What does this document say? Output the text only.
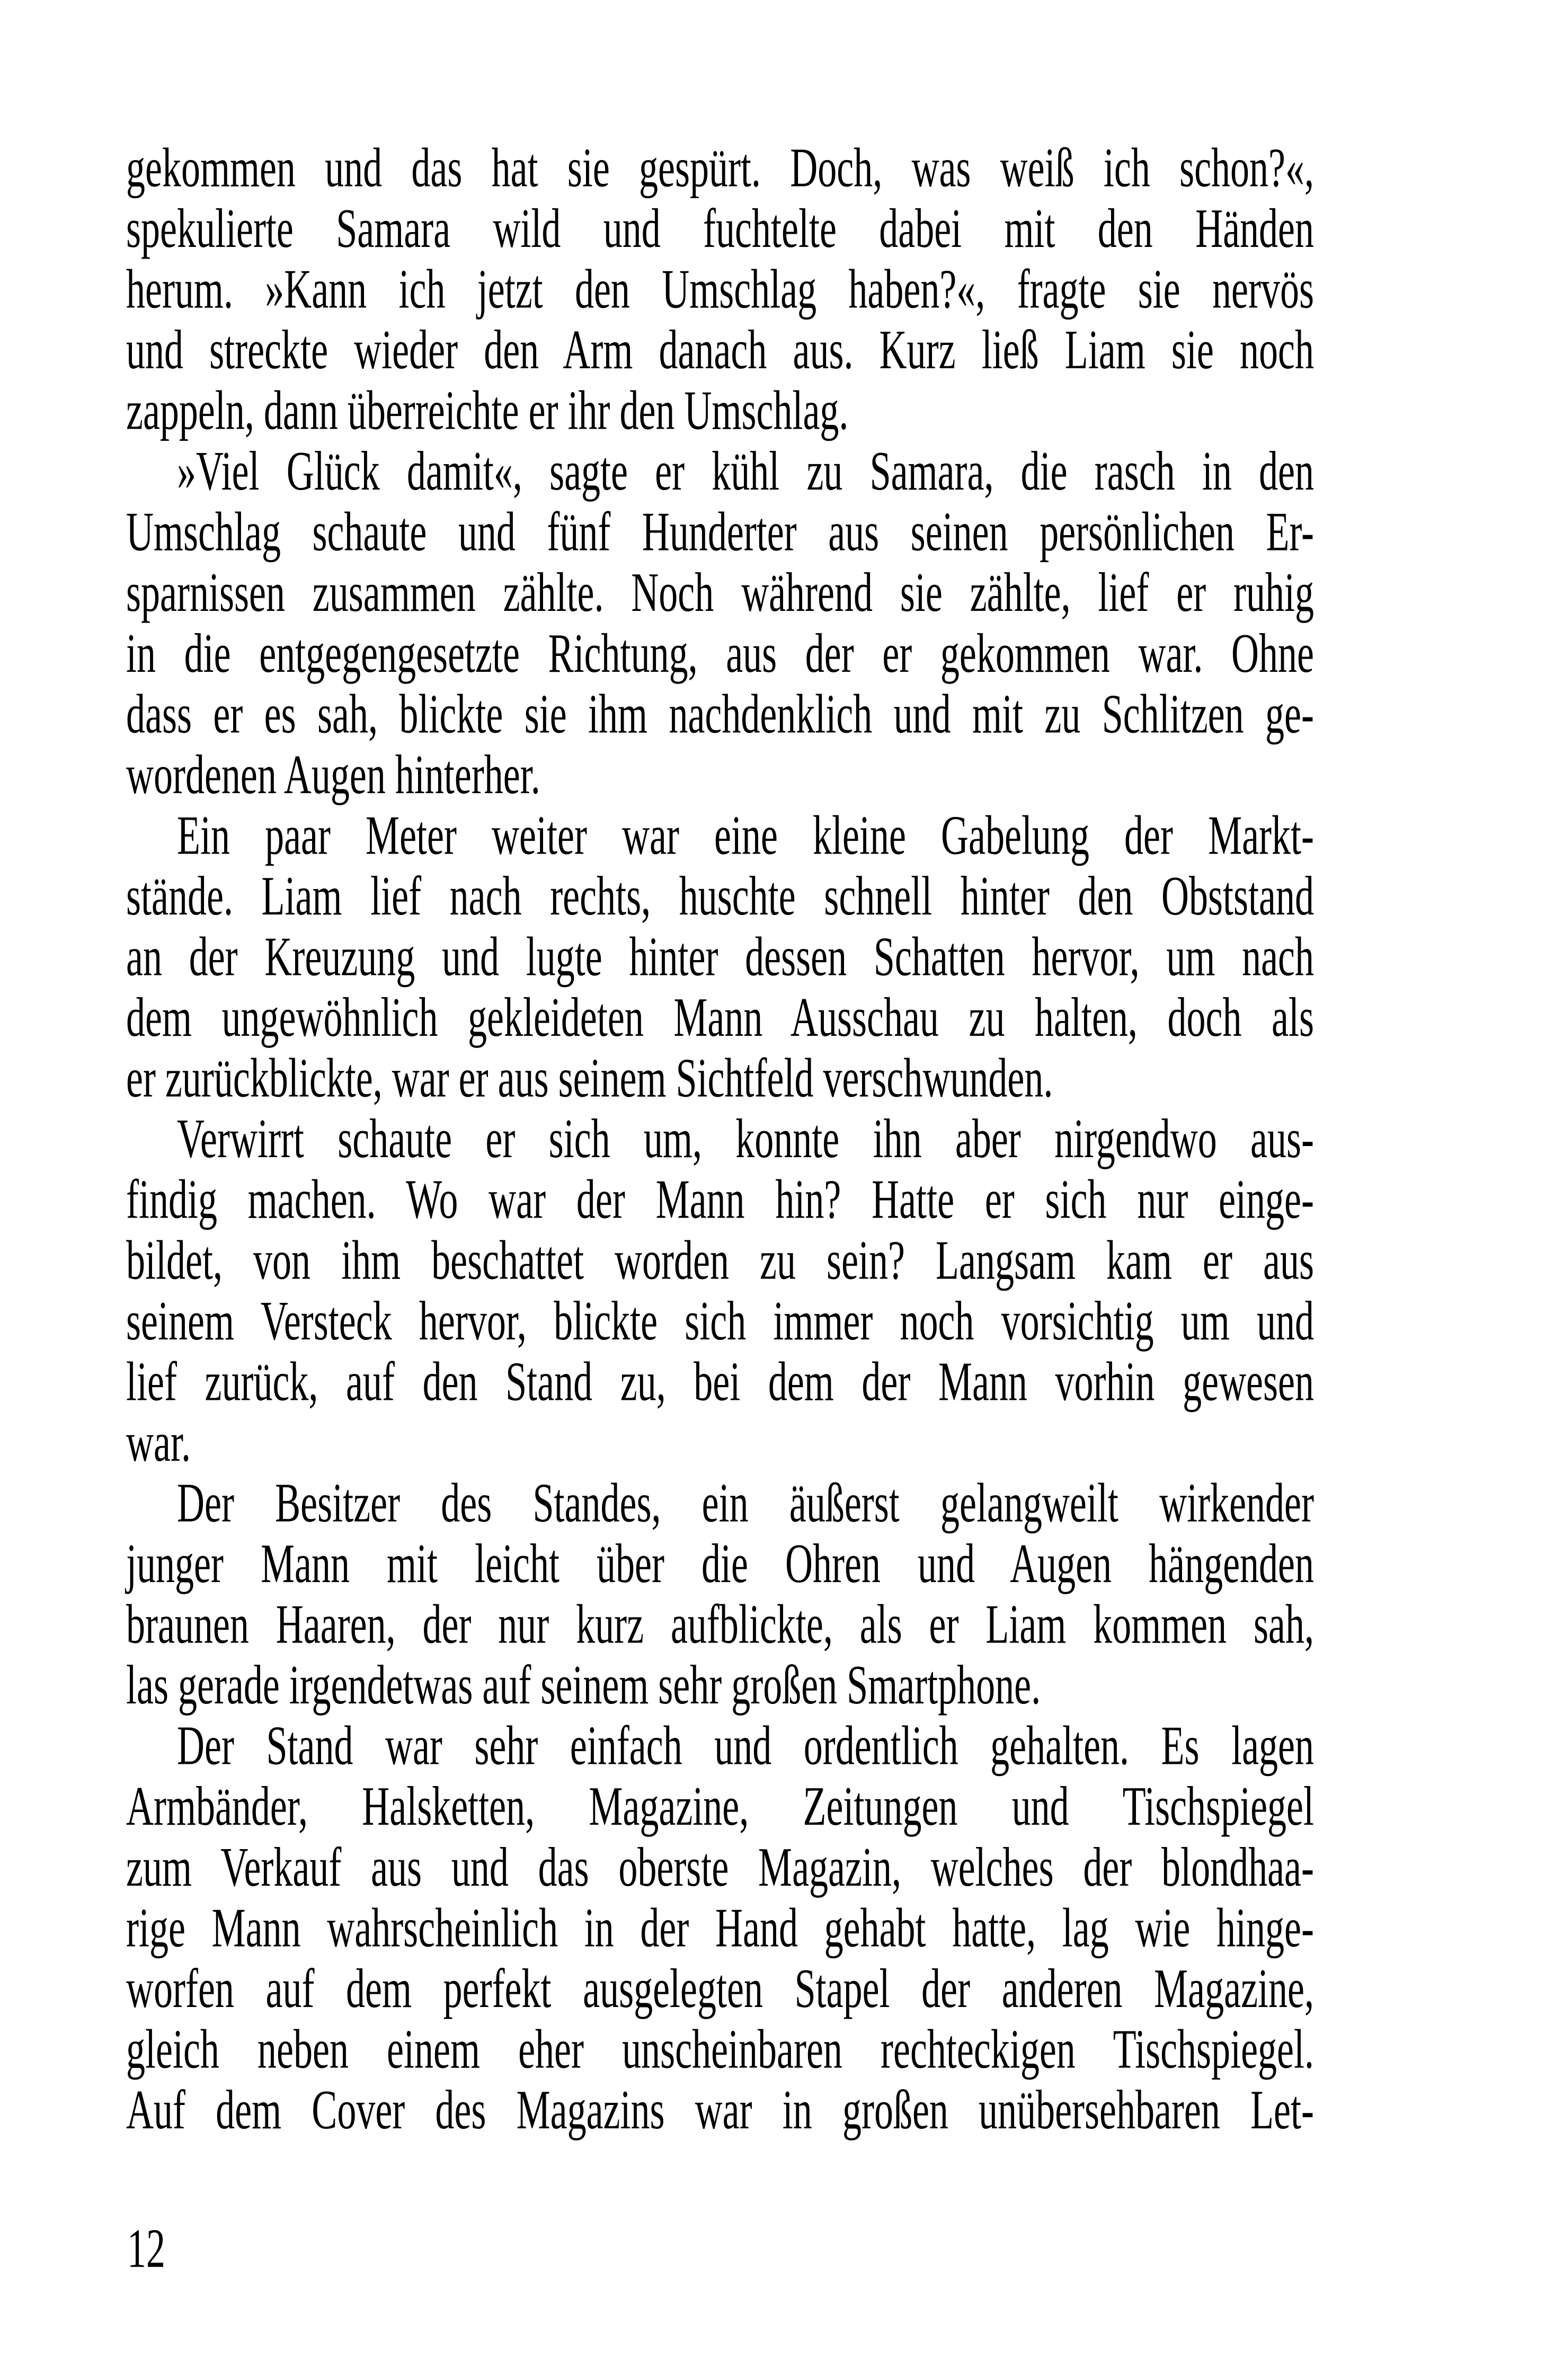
gekommen und das hat sie gespürt. Doch, was weiß ich schon?«,
spekulierte Samara wild und fuchtelte dabei mit den Händen
herum. »Kann ich jetzt den Umschlag haben?«, fragte sie nervös
und streckte wieder den Arm danach aus. Kurz ließ Liam sie noch
zappeln, dann überreichte er ihr den Umschlag.
»Viel Glück damit«, sagte er kühl zu Samara, die rasch in den
Umschlag schaute und fünf Hunderter aus seinen persönlichen Er-
sparnissen zusammen zählte. Noch während sie zählte, lief er ruhig
in die entgegengesetzte Richtung, aus der er gekommen war. Ohne
dass er es sah, blickte sie ihm nachdenklich und mit zu Schlitzen ge-
wordenen Augen hinterher.
Ein paar Meter weiter war eine kleine Gabelung der Markt-
stände. Liam lief nach rechts, huschte schnell hinter den Obststand
an der Kreuzung und lugte hinter dessen Schatten hervor, um nach
dem ungewöhnlich gekleideten Mann Ausschau zu halten, doch als
er zurückblickte, war er aus seinem Sichtfeld verschwunden.
Verwirrt schaute er sich um, konnte ihn aber nirgendwo aus-
findig machen. Wo war der Mann hin? Hatte er sich nur einge-
bildet, von ihm beschattet worden zu sein? Langsam kam er aus
seinem Versteck hervor, blickte sich immer noch vorsichtig um und
lief zurück, auf den Stand zu, bei dem der Mann vorhin gewesen
war.
Der Besitzer des Standes, ein äußerst gelangweilt wirkender
junger Mann mit leicht über die Ohren und Augen hängenden
braunen Haaren, der nur kurz aufblickte, als er Liam kommen sah,
las gerade irgendetwas auf seinem sehr großen Smartphone.
Der Stand war sehr einfach und ordentlich gehalten. Es lagen
Armbänder, Halsketten, Magazine, Zeitungen und Tischspiegel
zum Verkauf aus und das oberste Magazin, welches der blondhaa-
rige Mann wahrscheinlich in der Hand gehabt hatte, lag wie hinge-
worfen auf dem perfekt ausgelegten Stapel der anderen Magazine,
gleich neben einem eher unscheinbaren rechteckigen Tischspiegel.
Auf dem Cover des Magazins war in großen unübersehbaren Let-
12
